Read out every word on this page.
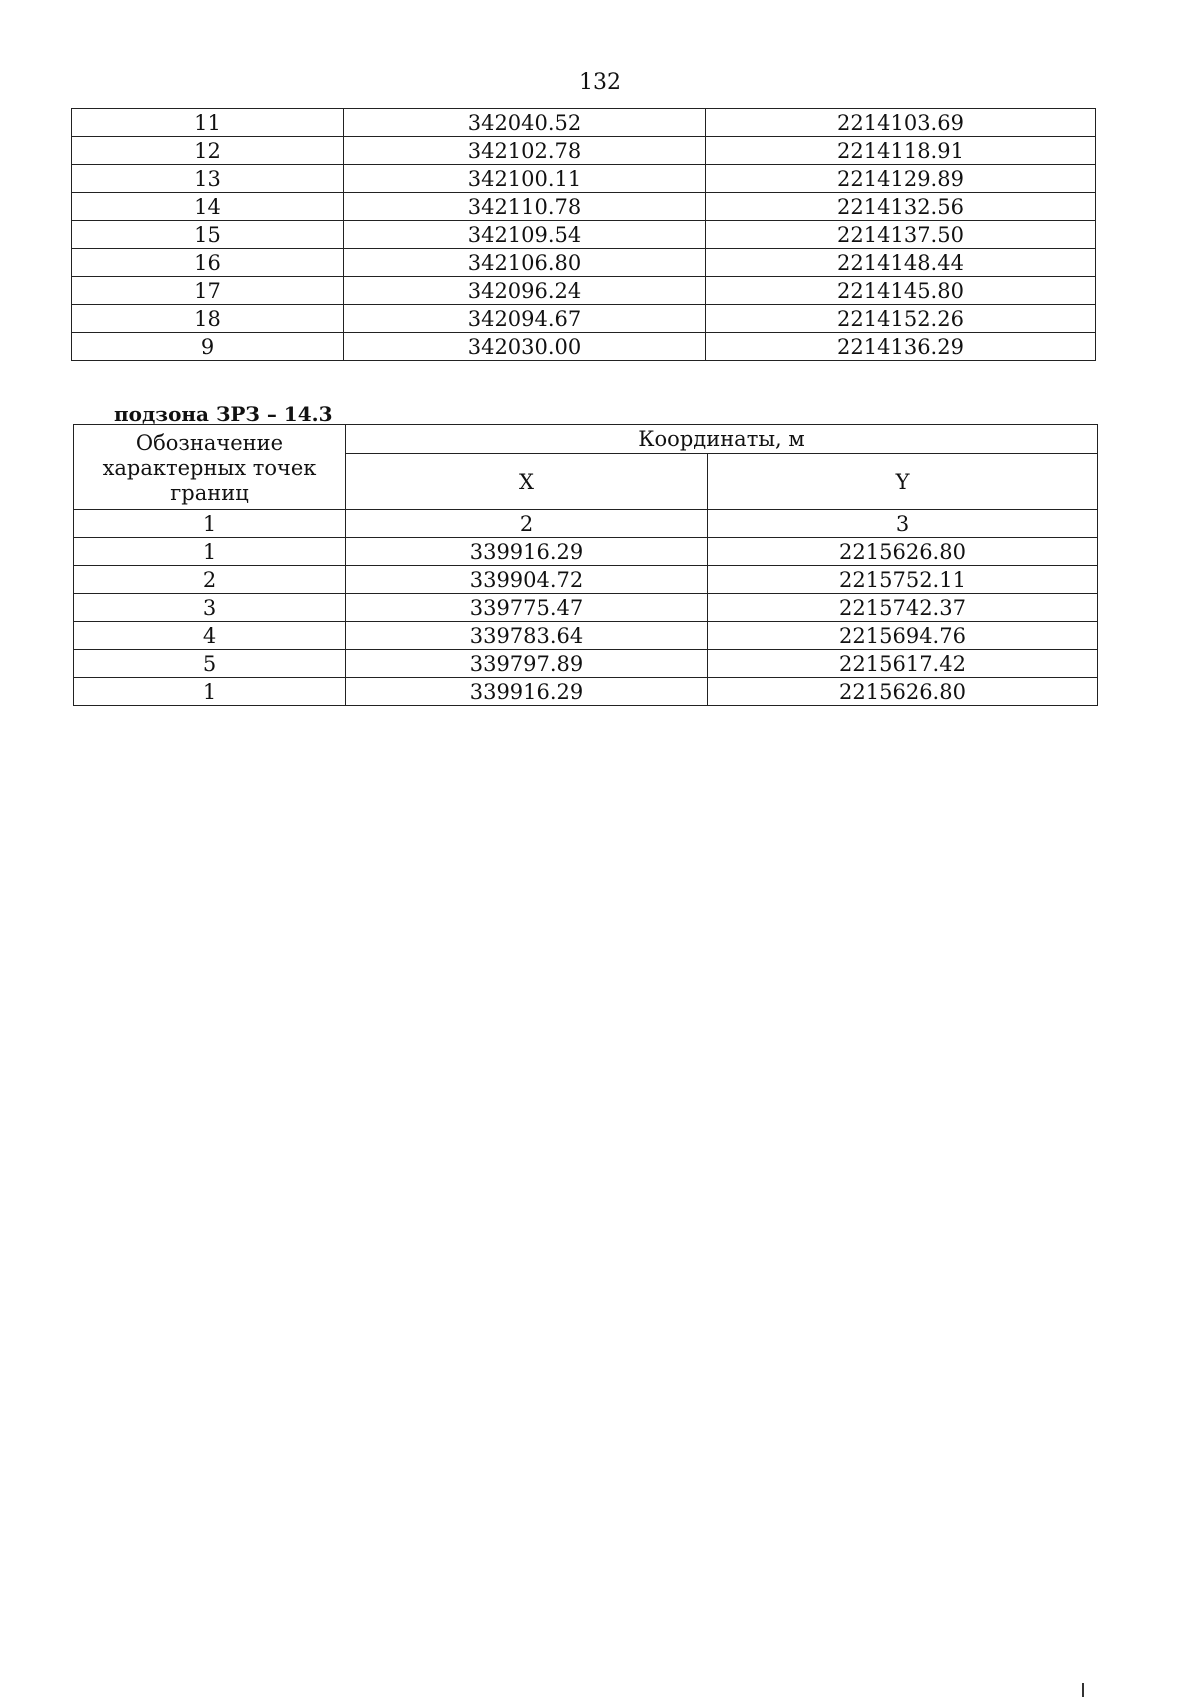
132
11	342040.52	2214103.69
12	342102.78	2214118.91
13	342100.11	2214129.89
14	342110.78	2214132.56
15	342109.54	2214137.50
16	342106.80	2214148.44
17	342096.24	2214145.80
18	342094.67	2214152.26
9	342030.00	2214136.29
подзона ЗРЗ – 14.3
Обозначение характерных точек границ	Координаты, м	
	X	Y
1	2	3
1	339916.29	2215626.80
2	339904.72	2215752.11
3	339775.47	2215742.37
4	339783.64	2215694.76
5	339797.89	2215617.42
1	339916.29	2215626.80
